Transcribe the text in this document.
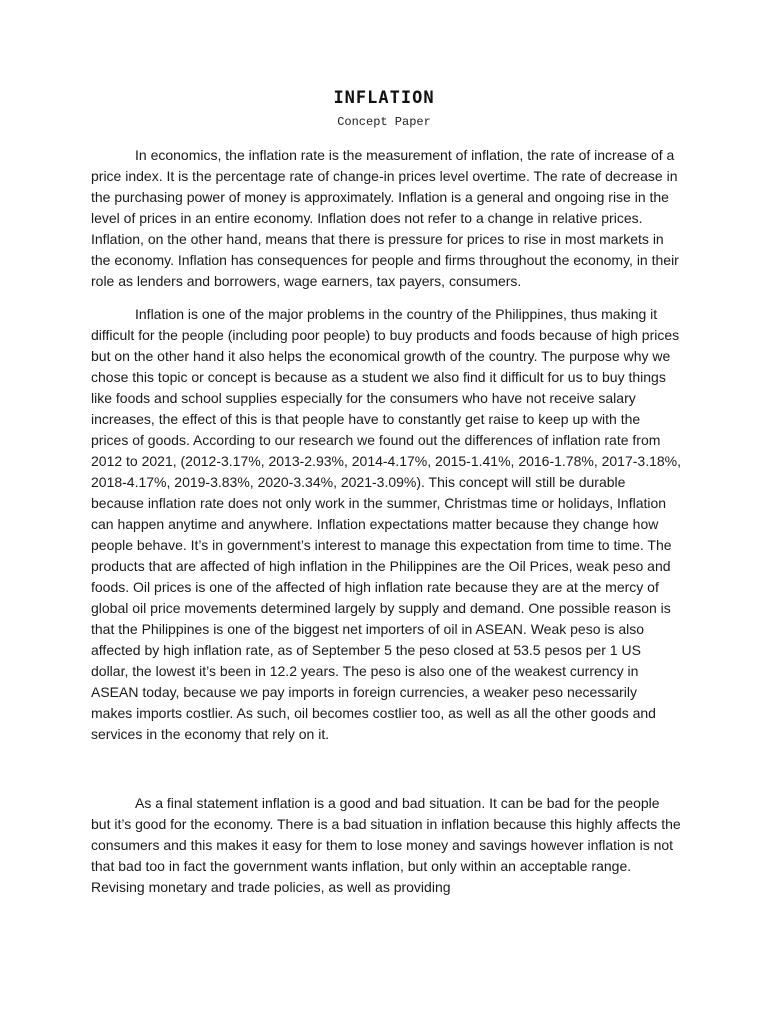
INFLATION
Concept Paper

In economics, the inflation rate is the measurement of inflation, the rate of increase of a price index. It is the percentage rate of change-in prices level overtime. The rate of decrease in the purchasing power of money is approximately. Inflation is a general and ongoing rise in the level of prices in an entire economy. Inflation does not refer to a change in relative prices. Inflation, on the other hand, means that there is pressure for prices to rise in most markets in the economy. Inflation has consequences for people and firms throughout the economy, in their role as lenders and borrowers, wage earners, tax payers, consumers.

Inflation is one of the major problems in the country of the Philippines, thus making it difficult for the people (including poor people) to buy products and foods because of high prices but on the other hand it also helps the economical growth of the country. The purpose why we chose this topic or concept is because as a student we also find it difficult for us to buy things like foods and school supplies especially for the consumers who have not receive salary increases, the effect of this is that people have to constantly get raise to keep up with the prices of goods. According to our research we found out the differences of inflation rate from 2012 to 2021, (2012-3.17%, 2013-2.93%, 2014-4.17%, 2015-1.41%, 2016-1.78%, 2017-3.18%, 2018-4.17%, 2019-3.83%, 2020-3.34%, 2021-3.09%). This concept will still be durable because inflation rate does not only work in the summer, Christmas time or holidays, Inflation can happen anytime and anywhere. Inflation expectations matter because they change how people behave. It’s in government’s interest to manage this expectation from time to time. The products that are affected of high inflation in the Philippines are the Oil Prices, weak peso and foods. Oil prices is one of the affected of high inflation rate because they are at the mercy of global oil price movements determined largely by supply and demand. One possible reason is that the Philippines is one of the biggest net importers of oil in ASEAN. Weak peso is also affected by high inflation rate, as of September 5 the peso closed at 53.5 pesos per 1 US dollar, the lowest it’s been in 12.2 years. The peso is also one of the weakest currency in ASEAN today, because we pay imports in foreign currencies, a weaker peso necessarily makes imports costlier. As such, oil becomes costlier too, as well as all the other goods and services in the economy that rely on it.

As a final statement inflation is a good and bad situation. It can be bad for the people but it’s good for the economy. There is a bad situation in inflation because this highly affects the consumers and this makes it easy for them to lose money and savings however inflation is not that bad too in fact the government wants inflation, but only within an acceptable range. Revising monetary and trade policies, as well as providing
